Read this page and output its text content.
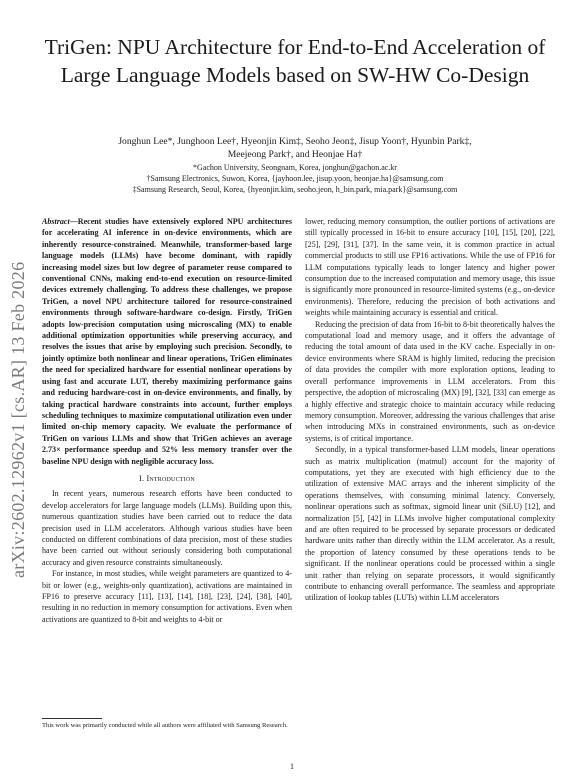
arXiv:2602.12962v1 [cs.AR] 13 Feb 2026
TriGen: NPU Architecture for End-to-End Acceleration of Large Language Models based on SW-HW Co-Design
Jonghun Lee*, Junghoon Lee†, Hyeonjin Kim‡, Seoho Jeon‡, Jisup Yoon†, Hyunbin Park‡,
Meejeong Park†, and Heonjae Ha†
*Gachon University, Seongnam, Korea, jonghun@gachon.ac.kr
†Samsung Electronics, Suwon, Korea, {jayhoon.lee, jisup.yoon, heonjae.ha}@samsung.com
‡Samsung Research, Seoul, Korea, {hyeonjin.kim, seoho.jeon, h_bin.park, mia.park}@samsung.com
Abstract—Recent studies have extensively explored NPU architectures for accelerating AI inference in on-device environments, which are inherently resource-constrained. Meanwhile, transformer-based large language models (LLMs) have become dominant, with rapidly increasing model sizes but low degree of parameter reuse compared to conventional CNNs, making end-to-end execution on resource-limited devices extremely challenging. To address these challenges, we propose TriGen, a novel NPU architecture tailored for resource-constrained environments through software-hardware co-design. Firstly, TriGen adopts low-precision computation using microscaling (MX) to enable additional optimization opportunities while preserving accuracy, and resolves the issues that arise by employing such precision. Secondly, to jointly optimize both nonlinear and linear operations, TriGen eliminates the need for specialized hardware for essential nonlinear operations by using fast and accurate LUT, thereby maximizing performance gains and reducing hardware-cost in on-device environments, and finally, by taking practical hardware constraints into account, further employs scheduling techniques to maximize computational utilization even under limited on-chip memory capacity. We evaluate the performance of TriGen on various LLMs and show that TriGen achieves an average 2.73× performance speedup and 52% less memory transfer over the baseline NPU design with negligible accuracy loss.
I. Introduction

In recent years, numerous research efforts have been conducted to develop accelerators for large language models (LLMs). Building upon this, numerous quantization studies have been carried out to reduce the data precision used in LLM accelerators. Although various studies have been conducted on different combinations of data precision, most of these studies have been carried out without seriously considering both computational accuracy and given resource constraints simultaneously.

For instance, in most studies, while weight parameters are quantized to 4-bit or lower (e.g., weights-only quantization), activations are maintained in FP16 to preserve accuracy [11], [13], [14], [18], [23], [24], [38], [40], resulting in no reduction in memory consumption for activations. Even when activations are quantized to 8-bit and weights to 4-bit or

lower, reducing memory consumption, the outlier portions of activations are still typically processed in 16-bit to ensure accuracy [10], [15], [20], [22], [25], [29], [31], [37]. In the same vein, it is common practice in actual commercial products to still use FP16 activations. While the use of FP16 for LLM computations typically leads to longer latency and higher power consumption due to the increased computation and memory usage, this issue is significantly more pronounced in resource-limited systems (e.g., on-device environments). Therefore, reducing the precision of both activations and weights while maintaining accuracy is essential and critical.

Reducing the precision of data from 16-bit to 8-bit theoretically halves the computational load and memory usage, and it offers the advantage of reducing the total amount of data used in the KV cache. Especially in on-device environments where SRAM is highly limited, reducing the precision of data provides the compiler with more exploration options, leading to overall performance improvements in LLM accelerators. From this perspective, the adoption of microscaling (MX) [9], [32], [33] can emerge as a highly effective and strategic choice to maintain accuracy while reducing memory consumption. Moreover, addressing the various challenges that arise when introducing MXs in constrained environments, such as on-device systems, is of critical importance.

Secondly, in a typical transformer-based LLM models, linear operations such as matrix multiplication (matmul) account for the majority of computations, yet they are executed with high efficiency due to the utilization of extensive MAC arrays and the inherent simplicity of the operations themselves, with consuming minimal latency. Conversely, nonlinear operations such as softmax, sigmoid linear unit (SiLU) [12], and normalization [5], [42] in LLMs involve higher computational complexity and are often required to be processed by separate processors or dedicated hardware units rather than directly within the LLM accelerator. As a result, the proportion of latency consumed by these operations tends to be significant. If the nonlinear operations could be processed within a single unit rather than relying on separate processors, it would significantly contribute to enhancing overall performance. The seamless and appropriate utilization of lookup tables (LUTs) within LLM accelerators

This work was primarily conducted while all authors were affiliated with Samsung Research.
1
